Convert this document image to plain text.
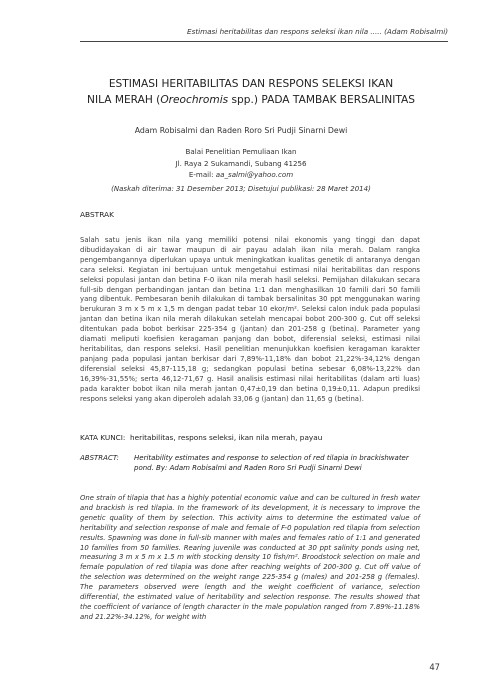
Estimasi heritabilitas dan respons seleksi ikan nila ..... (Adam Robisalmi)
ESTIMASI HERITABILITAS DAN RESPONS SELEKSI IKAN
NILA MERAH (Oreochromis spp.) PADA TAMBAK BERSALINITAS
Adam Robisalmi dan Raden Roro Sri Pudji Sinarni Dewi
Balai Penelitian Pemuliaan Ikan
Jl. Raya 2 Sukamandi, Subang 41256
E-mail: aa_salmi@yahoo.com
(Naskah diterima: 31 Desember 2013; Disetujui publikasi: 28 Maret 2014)
ABSTRAK
Salah satu jenis ikan nila yang memiliki potensi nilai ekonomis yang tinggi dan dapat dibudidayakan di air tawar maupun di air payau adalah ikan nila merah. Dalam rangka pengembangannya diperlukan upaya untuk meningkatkan kualitas genetik di antaranya dengan cara seleksi. Kegiatan ini bertujuan untuk mengetahui estimasi nilai heritabilitas dan respons seleksi populasi jantan dan betina F-0 ikan nila merah hasil seleksi. Pemijahan dilakukan secara full-sib dengan perbandingan jantan dan betina 1:1 dan menghasilkan 10 famili dari 50 famili yang dibentuk. Pembesaran benih dilakukan di tambak bersalinitas 30 ppt menggunakan waring berukuran 3 m x 5 m x 1,5 m dengan padat tebar 10 ekor/m². Seleksi calon induk pada populasi jantan dan betina ikan nila merah dilakukan setelah mencapai bobot 200-300 g. Cut off seleksi ditentukan pada bobot berkisar 225-354 g (jantan) dan 201-258 g (betina). Parameter yang diamati meliputi koefisien keragaman panjang dan bobot, diferensial seleksi, estimasi nilai heritabilitas, dan respons seleksi. Hasil penelitian menunjukkan koefisien keragaman karakter panjang pada populasi jantan berkisar dari 7,89%-11,18% dan bobot 21,22%-34,12% dengan diferensial seleksi 45,87-115,18 g; sedangkan populasi betina sebesar 6,08%-13,22% dan 16,39%-31,55%; serta 46,12-71,67 g. Hasil analisis estimasi nilai heritabilitas (dalam arti luas) pada karakter bobot ikan nila merah jantan 0,47±0,19 dan betina 0,19±0,11. Adapun prediksi respons seleksi yang akan diperoleh adalah 33,06 g (jantan) dan 11,65 g (betina).
KATA KUNCI: heritabilitas, respons seleksi, ikan nila merah, payau
ABSTRACT:	Heritability estimates and response to selection of red tilapia in brackishwater pond. By: Adam Robisalmi and Raden Roro Sri Pudji Sinarni Dewi
One strain of tilapia that has a highly potential economic value and can be cultured in fresh water and brackish is red tilapia. In the framework of its development, it is necessary to improve the genetic quality of them by selection. This activity aims to determine the estimated value of heritability and selection response of male and female of F-0 population red tilapia from selection results. Spawning was done in full-sib manner with males and females ratio of 1:1 and generated 10 families from 50 families. Rearing juvenile was conducted at 30 ppt salinity ponds using net, measuring 3 m x 5 m x 1.5 m with stocking density 10 fish/m². Broodstock selection on male and female population of red tilapia was done after reaching weights of 200-300 g. Cut off value of the selection was determined on the weight range 225-354 g (males) and 201-258 g (females). The parameters observed were length and the weight coefficient of variance, selection differential, the estimated value of heritability and selection response. The results showed that the coefficient of variance of length character in the male population ranged from 7.89%-11.18% and 21.22%-34.12%, for weight with
47
